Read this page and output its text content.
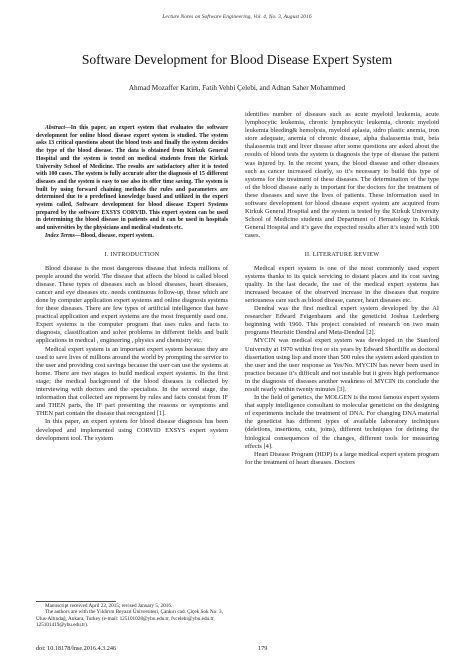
Lecture Notes on Software Engineering, Vol. 4, No. 3, August 2016
Software Development for Blood Disease Expert System
Ahmad Mozaffer Karim, Fatih Vehbi Çelebi, and Adnan Saher Mohammed

Abstract—In this paper, an expert system that evaluates the software development for online blood disease expert system is studied. The system asks 13 critical questions about the blood tests and finally the system decides the type of the blood disease. The data is obtained from Kirkuk General Hospital and the system is tested on medical students from the Kirkuk University School of Medicine. The results are satisfactory after it is tested with 100 cases. The system is fully accurate after the diagnosis of 15 different diseases and the system is easy to use also its offer time saving. The system is built by using forward chaining methods the rules and parameters are determined due to a predefined knowledge based and utilized in the expert system called, Software development for blood disease Expert Systems prepared by the software EXSYS CORVID. This expert system can be used in determining the blood disease in patients and it can be used in hospitals and universities by the physicians and medical students etc.

Index Terms—Blood, disease, expert system.

I. INTRODUCTION

Blood disease is the most dangerous disease that infects millions of people around the world. The disease that affects the blood is called blood disease. These types of diseases such as blood diseases, heart diseases, cancer and eye diseases etc. needs continuous follow-up, those which are done by computer application expert systems and online diagnosis systems for these diseases. There are few types of artificial intelligence that have practical application and expert systems are the most frequently used one. Expert systems is the computer program that uses rules and facts to diagnosis, classification and solve problems in different fields and built applications in medical , engineering , physics and chemistry etc.

Medical expert system is an important expert system because they are used to save lives of millions around the world by prompting the service to the user and providing cost savings because the user can use the systems at home. There are two stages to build medical expert systems. In the first stage; the medical background of the blood diseases is collected by interviewing with doctors and the specialists. In the second stage, the information that collected are represent by rules and facts consist from IF and THEN parts, the IF part presenting the reasons or symptoms and THEN part contain the disease that recognized [1].

In this paper, an expert system for blood disease diagnosis has been developed and implemented using CORVID EXSYS expert system development tool. The system

identifies number of diseases such as acute myeloid leukemia, acute lymphocytic leukemia, chronic lymphocytic leukemia, chronic myeloid leukemia bleeding& hemolysis, myeloid aplasia, sidro plastic anemia, iron store adequate, anemia of chronic disease, alpha thalassemia trait, beta thalassemia trait and liver disease after some questions are asked about the results of blood tests the system is diagnosis the type of disease the patient was injured by. In the recent years, the blood disease and other diseases such as cancer increased clearly, so it’s necessary to build this type of systems for the treatment of these diseases. The determination of the type of the blood disease early is important for the doctors for the treatment of these diseases and save the lives of patients. These information used in software development for blood disease expert system are acquired from Kirkuk General Hospital and the system is tested by the Kirkuk University School of Medicine students and Department of Hematology in Kirkuk General Hospital and it’s gave the expected results after it’s tested with 100 cases.

II. LITERATURE REVIEW

Medical expert system is one of the most commonly used expert systems thanks to its quick servicing to distant places and its cost saving quality. In the last decade, the use of the medical expert systems has increased because of the observed increase in the diseases that require seriousness care such as blood disease, cancer, heart diseases etc.

Dendral was the first medical expert system developed by the AI researcher Edward Feigenbaum and the geneticist Joshua Lederberg beginning with 1960. This project consisted of research on two main programs Heuristic Dendral and Meta-Dendral [2].

MYCIN was medical expert system was developed in the Stanford University at 1970 within five or six years by Edward Shortliffe as doctoral dissertation using lisp and more than 500 rules the system asked question to the user and the user response as Yes/No. MYCIN has never been used in practice because it’s difficult and not useable but it gives high performance in the diagnosis of diseases another weakness of MYCIN its conclude the result nearly within twenty minutes [3].

In the field of genetics, the MOLGEN is the most famous expert system that supply intelligence consultant to molecular geneticist on the designing of experiments include the treatment of DNA. For changing DNA material the geneticist has different types of available laboratory techniques (deletions, insertions, cuts, joins), different techniques for defining the biological consequences of the changes, different tools for measuring effects [4].

Heart Disease Program (HDP) is a large medical expert system program for the treatment of heart diseases. Doctors

Manuscript received April 22, 2015; revised January 5, 2016.

The authors are with the Yıldırım Beyazıt Üniversitesi, Çankırı cad. Çiçek Sok No: 3, Ulus-Altındağ, Ankara, Turkey (e-mail: 125101028@ybu.edu.tr, fvcelebi@ybu.edu.tr, 125101419@ybu.edu.tr).

doi: 10.18178/lnse.2016.4.3.246	179
